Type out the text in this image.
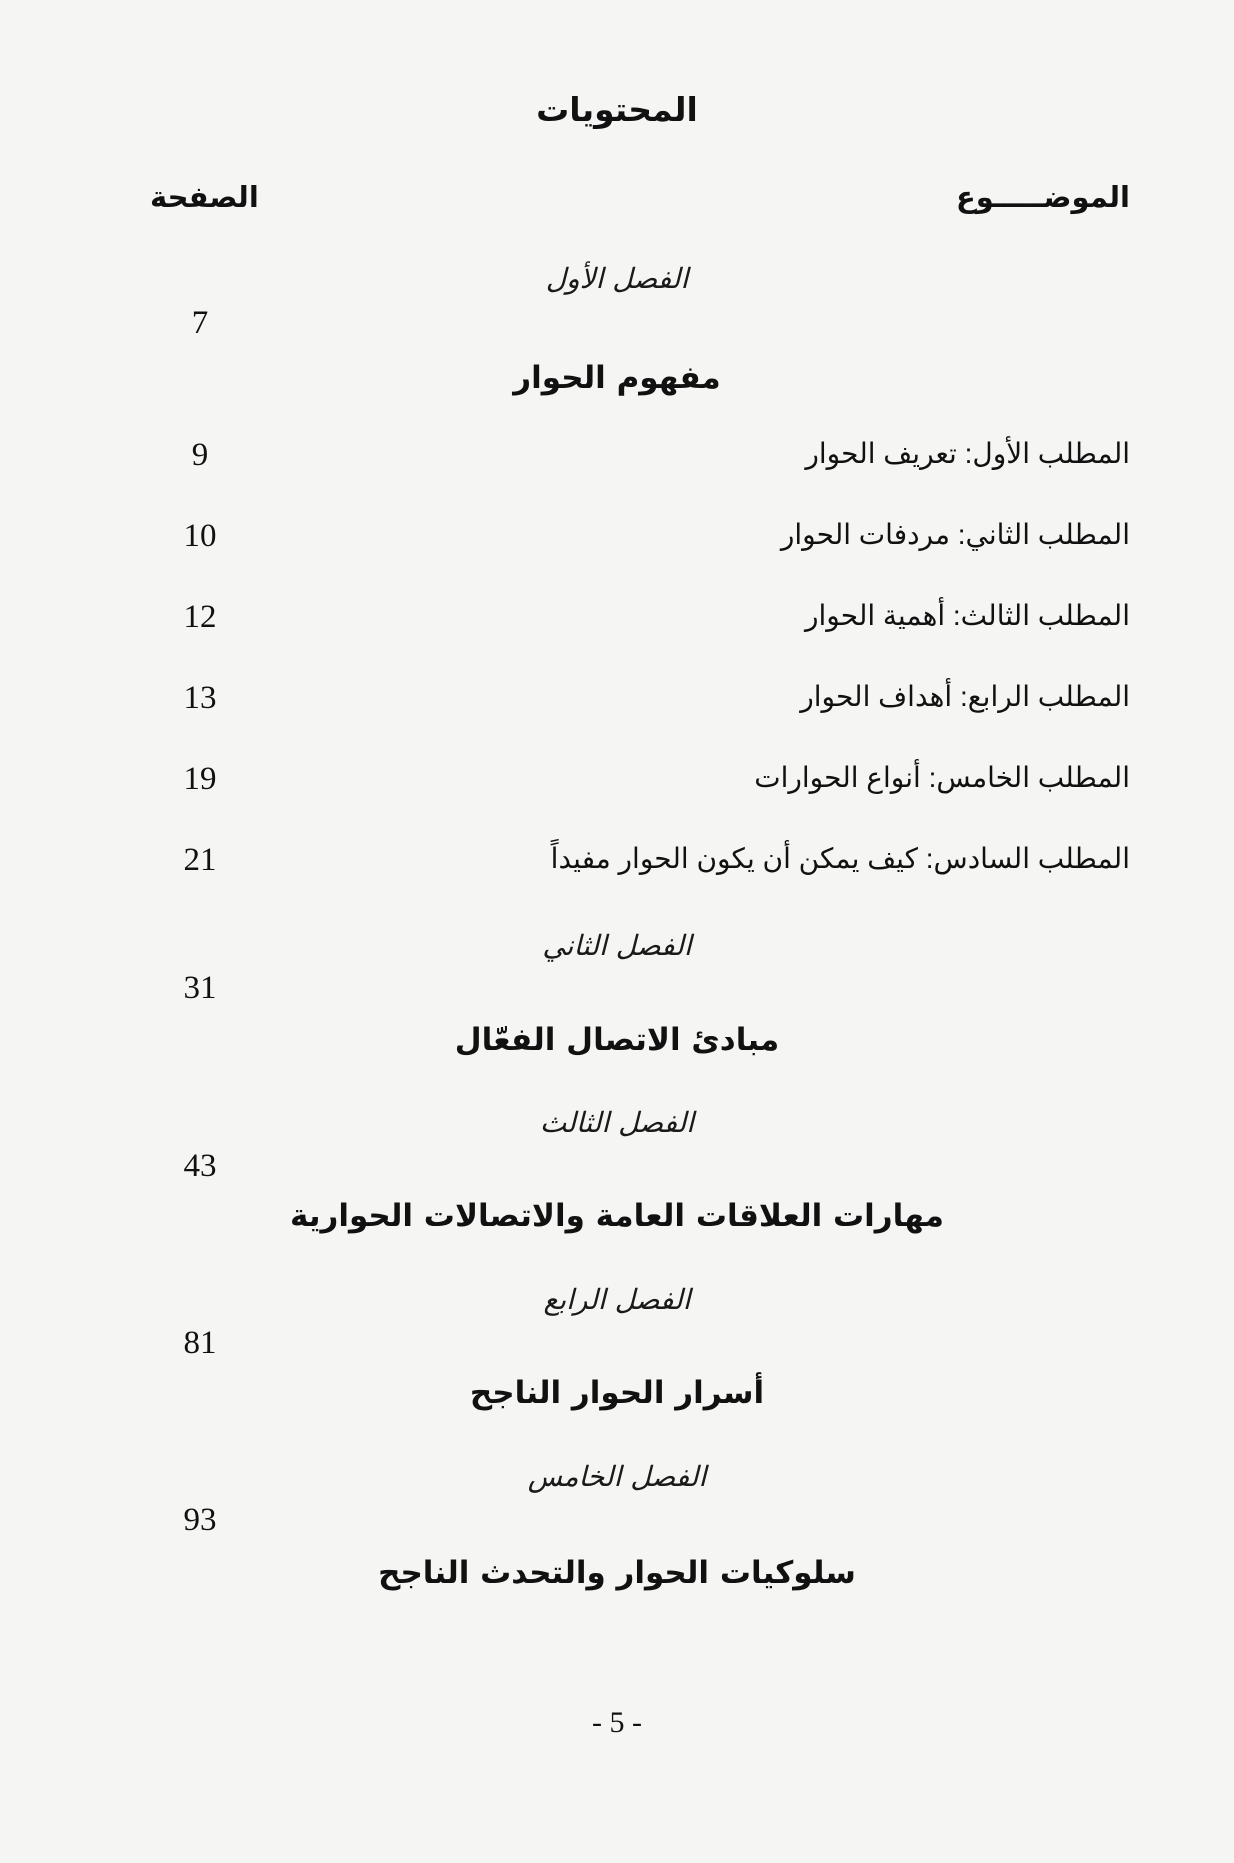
المحتويات
الموضـــــوع
الصفحة
الفصل الأول
7
مفهوم الحوار
المطلب الأول: تعريف الحوار
9
المطلب الثاني: مردفات الحوار
10
المطلب الثالث: أهمية الحوار
12
المطلب الرابع: أهداف الحوار
13
المطلب الخامس: أنواع الحوارات
19
المطلب السادس: كيف يمكن أن يكون الحوار مفيداً
21
الفصل الثاني
31
مبادئ الاتصال الفعّال
الفصل الثالث
43
مهارات العلاقات العامة والاتصالات الحوارية
الفصل الرابع
81
أسرار الحوار الناجح
الفصل الخامس
93
سلوكيات الحوار والتحدث الناجح
- 5 -
